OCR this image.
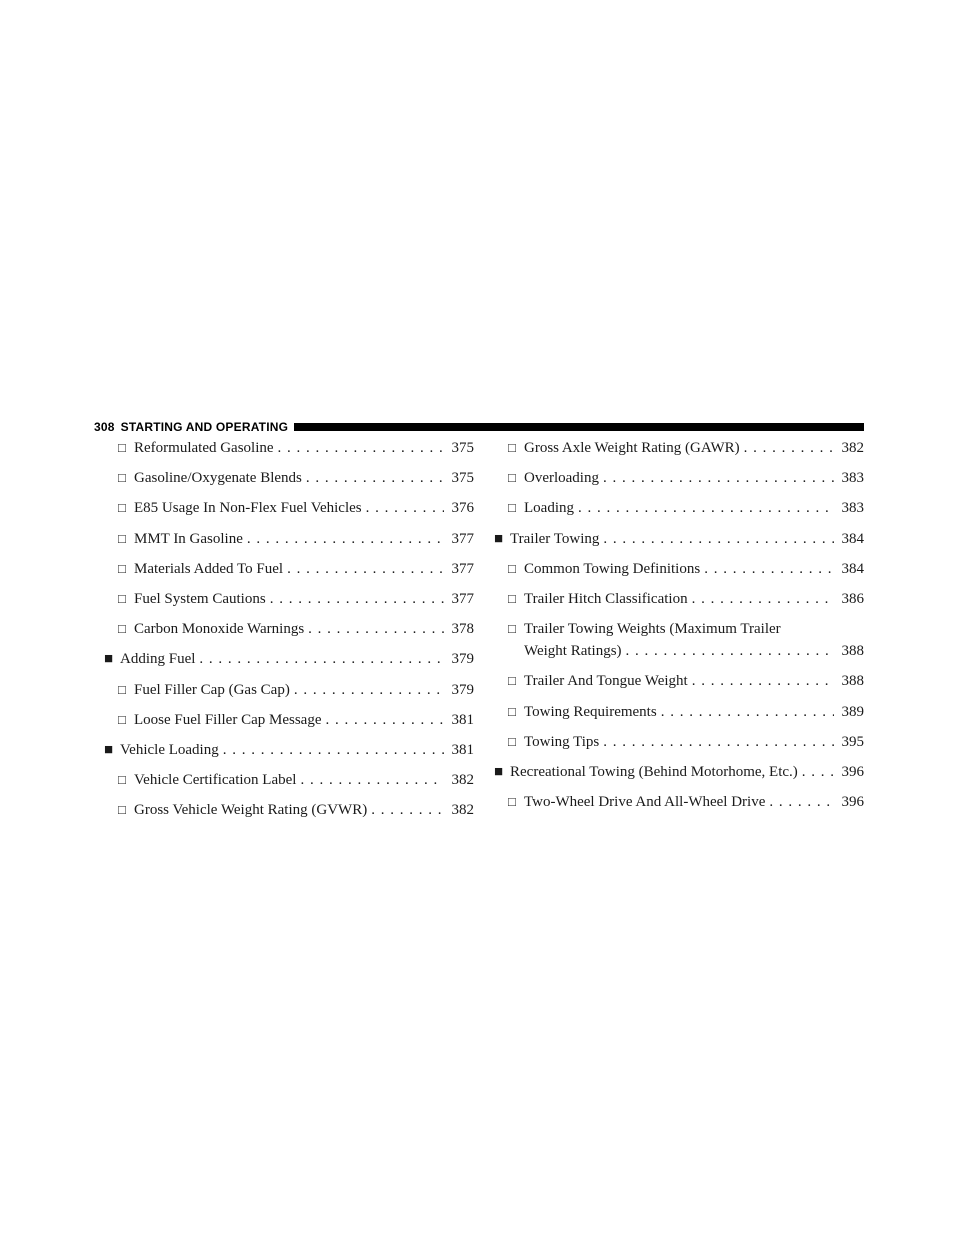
308 STARTING AND OPERATING
□ Reformulated Gasoline . . .	375
□ Gasoline/Oxygenate Blends . . .	375
□ E85 Usage In Non-Flex Fuel Vehicles . . .	376
□ MMT In Gasoline . . .	377
□ Materials Added To Fuel . . .	377
□ Fuel System Cautions . . .	377
□ Carbon Monoxide Warnings . . .	378
■ Adding Fuel . . .	379
□ Fuel Filler Cap (Gas Cap) . . .	379
□ Loose Fuel Filler Cap Message . . .	381
■ Vehicle Loading . . .	381
□ Vehicle Certification Label . . .	382
□ Gross Vehicle Weight Rating (GVWR) . . .	382
□ Gross Axle Weight Rating (GAWR) . . .	382
□ Overloading . . .	383
□ Loading . . .	383
■ Trailer Towing . . .	384
□ Common Towing Definitions . . .	384
□ Trailer Hitch Classification . . .	386
□ Trailer Towing Weights (Maximum Trailer
Weight Ratings) . . .	388
□ Trailer And Tongue Weight . . .	388
□ Towing Requirements . . .	389
□ Towing Tips . . .	395
■ Recreational Towing (Behind Motorhome, Etc.) . . .	396
□ Two-Wheel Drive And All-Wheel Drive . . .	396
